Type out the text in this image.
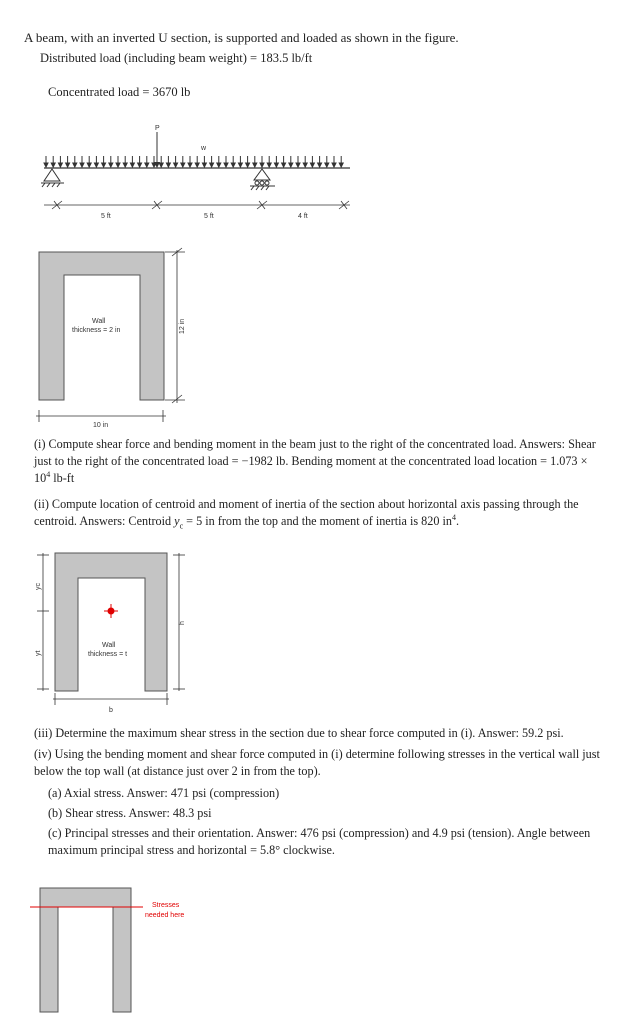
A beam, with an inverted U section, is supported and loaded as shown in the figure.
Distributed load (including beam weight) = 183.5 lb/ft
Concentrated load = 3670 lb
P
w
5 ft	5 ft	4 ft
Wall
thickness = 2 in	12 in
10 in
(i) Compute shear force and bending moment in the beam just to the right of the concentrated load. Answers: Shear just to the right of the concentrated load = −1982 lb. Bending moment at the concentrated load location = $1.073 \times 10^4$ lb-ft
(ii) Compute location of centroid and moment of inertia of the section about horizontal axis passing through the centroid. Answers: Centroid $y_c = 5$ in from the top and the moment of inertia is 820 $in^4$.
yc
yt
Wall
thickness = t
h
b
(iii) Determine the maximum shear stress in the section due to shear force computed in (i). Answer: 59.2 psi.
(iv) Using the bending moment and shear force computed in (i) determine following stresses in the vertical wall just below the top wall (at distance just over 2 in from the top).
(a) Axial stress. Answer: 471 psi (compression)
(b) Shear stress. Answer: 48.3 psi
(c) Principal stresses and their orientation. Answer: 476 psi (compression) and 4.9 psi (tension). Angle between maximum principal stress and horizontal = 5.8° clockwise.
Stresses
needed here
